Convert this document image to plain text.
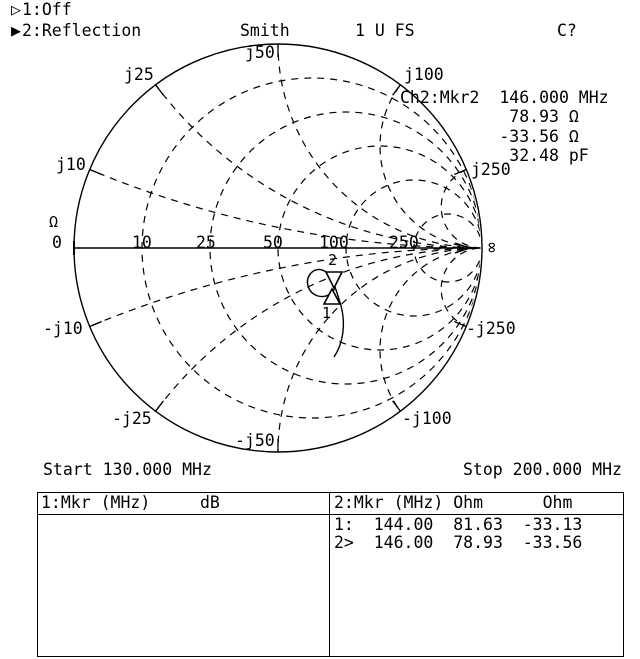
▷ 1:Off
▶ 2:Reflection	Smith	1 U FS	C?
Ch2:Mkr2  146.000 MHz
78.93 Ω
-33.56 Ω
32.48 pF
j10
j25
j50
j100
j250
-j10
-j25
-j50
-j100
-j250
Ω
0	10	25	50 100 250	∞
2
1
Start 130.000 MHz	Stop 200.000 MHz
1:Mkr (MHz)     dB	2:Mkr (MHz) Ohm      Ohm
1:  144.00  81.63  -33.13
2>  146.00  78.93  -33.56
